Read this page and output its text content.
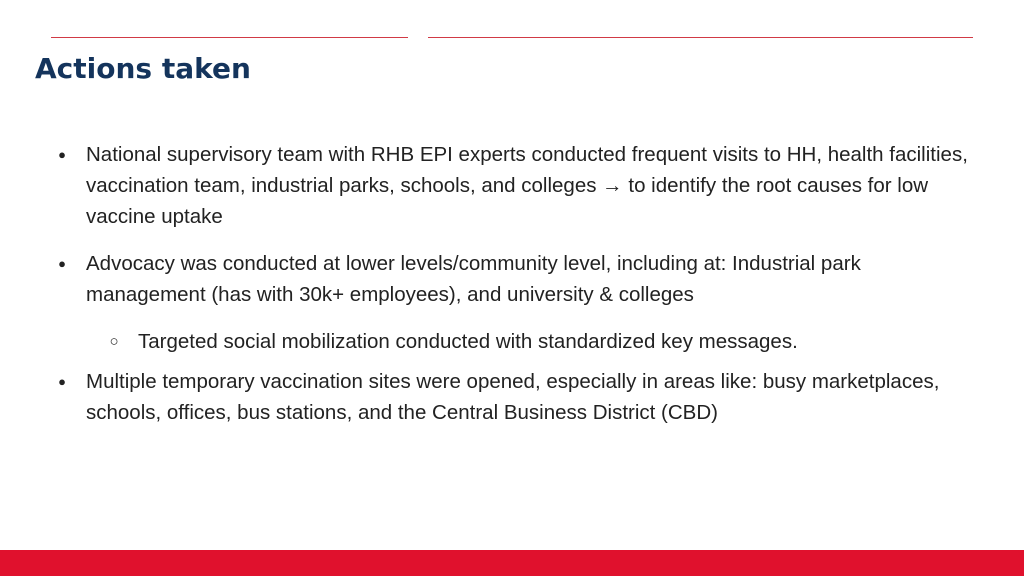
Actions taken
● National supervisory team with RHB EPI experts conducted frequent visits to HH, health facilities, vaccination team, industrial parks, schools, and colleges → to identify the root causes for low vaccine uptake
● Advocacy was conducted at lower levels/community level, including at: Industrial park management (has with 30k+ employees), and university & colleges
○ Targeted social mobilization conducted with standardized key messages.
● Multiple temporary vaccination sites were opened, especially in areas like: busy marketplaces, schools, offices, bus stations, and the Central Business District (CBD)
